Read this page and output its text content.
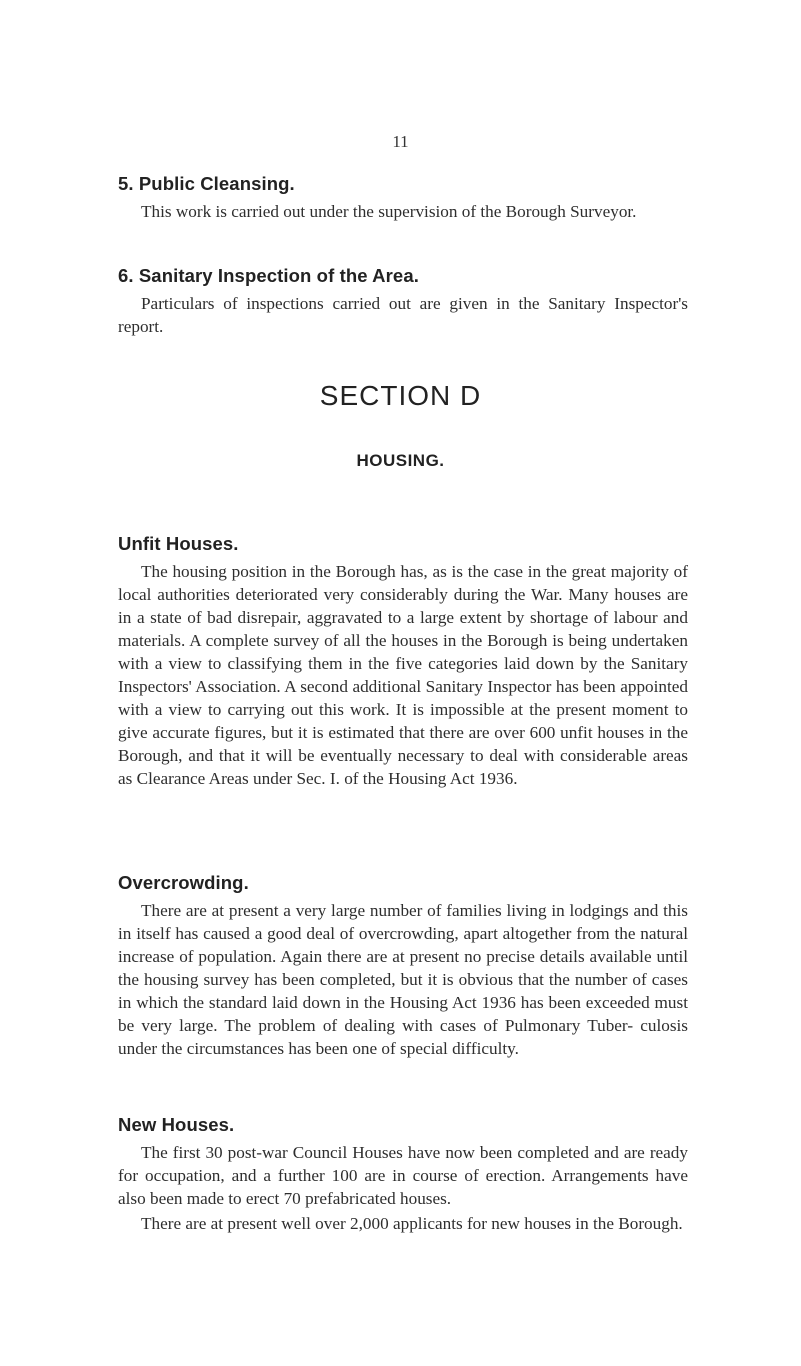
11
5. Public Cleansing.

This work is carried out under the supervision of the Borough Surveyor.

6. Sanitary Inspection of the Area.

Particulars of inspections carried out are given in the Sanitary Inspector's report.

SECTION D
HOUSING.
Unfit Houses.

The housing position in the Borough has, as is the case in the great majority of local authorities deteriorated very considerably during the War. Many houses are in a state of bad disrepair, aggravated to a large extent by shortage of labour and materials. A complete survey of all the houses in the Borough is being undertaken with a view to classifying them in the five categories laid down by the Sanitary Inspectors' Association. A second additional Sanitary Inspector has been appointed with a view to carrying out this work. It is impossible at the present moment to give accurate figures, but it is estimated that there are over 600 unfit houses in the Borough, and that it will be eventually necessary to deal with considerable areas as Clearance Areas under Sec. I. of the Housing Act 1936.

Overcrowding.

There are at present a very large number of families living in lodgings and this in itself has caused a good deal of overcrowding, apart altogether from the natural increase of population. Again there are at present no precise details available until the housing survey has been completed, but it is obvious that the number of cases in which the standard laid down in the Housing Act 1936 has been exceeded must be very large. The problem of dealing with cases of Pulmonary Tuber- culosis under the circumstances has been one of special difficulty.

New Houses.

The first 30 post-war Council Houses have now been completed and are ready for occupation, and a further 100 are in course of erection. Arrangements have also been made to erect 70 prefabricated houses.

There are at present well over 2,000 applicants for new houses in the Borough.
